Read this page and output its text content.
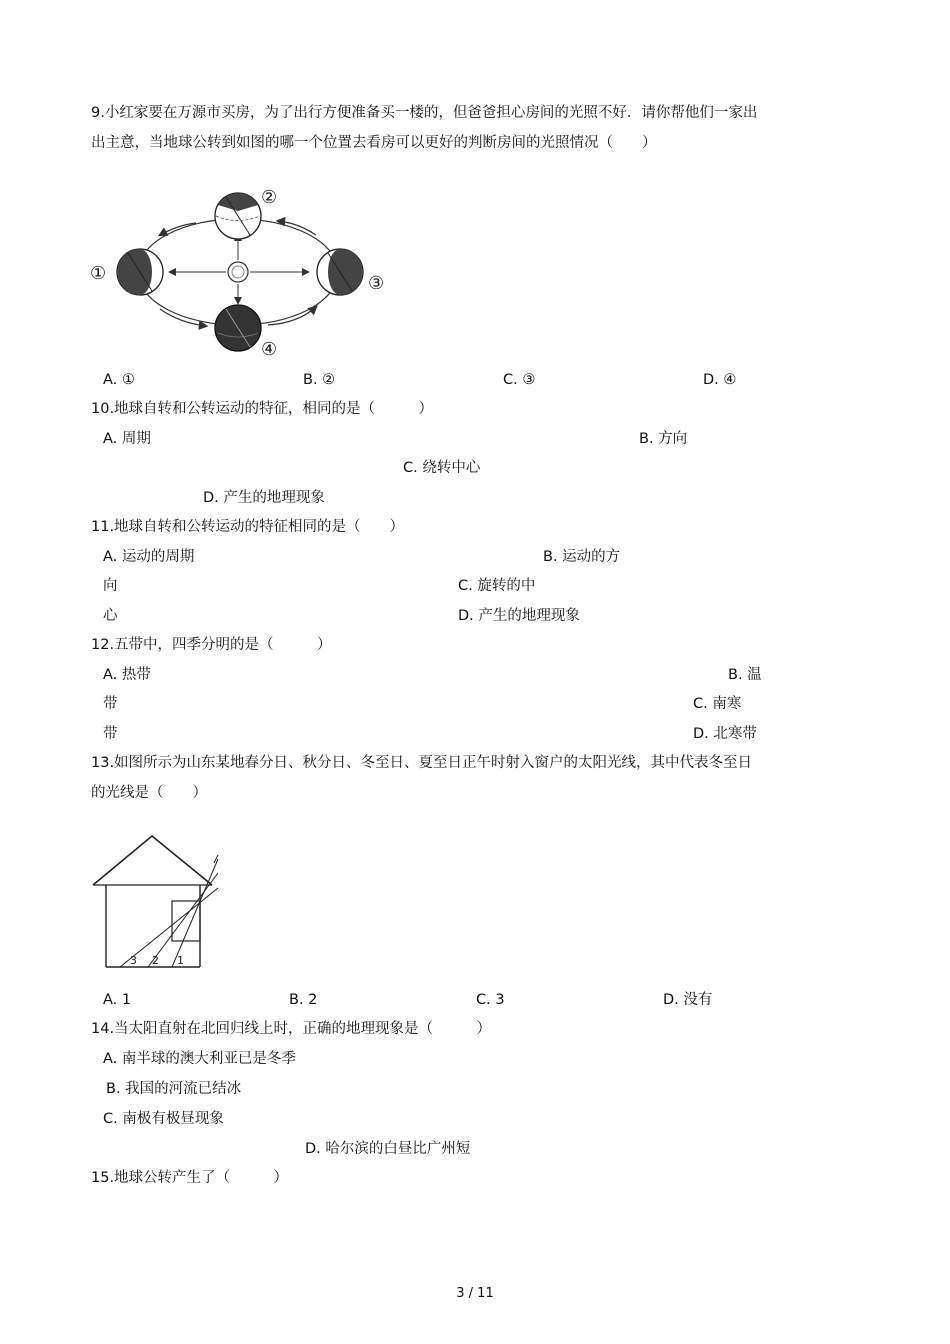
9.小红家要在万源市买房，为了出行方便准备买一楼的，但爸爸担心房间的光照不好．请你帮他们一家出
出主意，当地球公转到如图的哪一个位置去看房可以更好的判断房间的光照情况（　　）
①
②
③
④
A. ①	B. ②	C. ③	D. ④
10.地球自转和公转运动的特征，相同的是（　　　）
A. 周期	B. 方向
C. 绕转中心
D. 产生的地理现象
11.地球自转和公转运动的特征相同的是（　　）
A. 运动的周期	B. 运动的方
向	C. 旋转的中
心	D. 产生的地理现象
12.五带中，四季分明的是（　　　）
A. 热带	B. 温
带	C. 南寒
带	D. 北寒带
13.如图所示为山东某地春分日、秋分日、冬至日、夏至日正午时射入窗户的太阳光线，其中代表冬至日
的光线是（　　）
3 2 1
A. 1	B. 2	C. 3	D. 没有
14.当太阳直射在北回归线上时，正确的地理现象是（　　　）
A. 南半球的澳大利亚已是冬季
B. 我国的河流已结冰
C. 南极有极昼现象
D. 哈尔滨的白昼比广州短
15.地球公转产生了（　　　）
3 / 11
